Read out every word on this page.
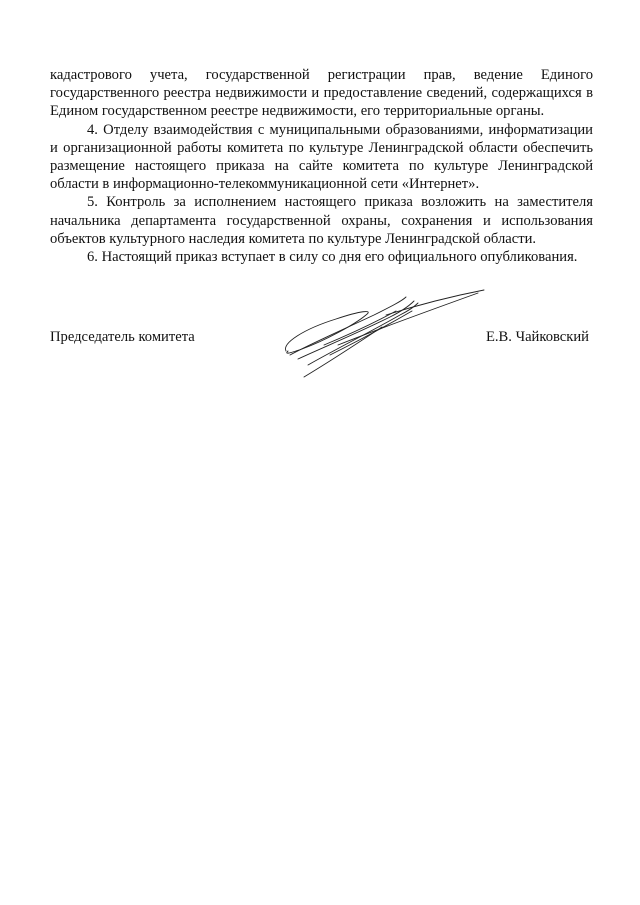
кадастрового учета, государственной регистрации прав, ведение Единого государственного реестра недвижимости и предоставление сведений, содержащихся в Едином государственном реестре недвижимости, его территориальные органы.

4. Отделу взаимодействия с муниципальными образованиями, информатизации и организационной работы комитета по культуре Ленинградской области обеспечить размещение настоящего приказа на сайте комитета по культуре Ленинградской области в информационно-телекоммуникационной сети «Интернет».

5. Контроль за исполнением настоящего приказа возложить на заместителя начальника департамента государственной охраны, сохранения и использования объектов культурного наследия комитета по культуре Ленинградской области.

6. Настоящий приказ вступает в силу со дня его официального опубликования.

Председатель комитета	Е.В. Чайковский
